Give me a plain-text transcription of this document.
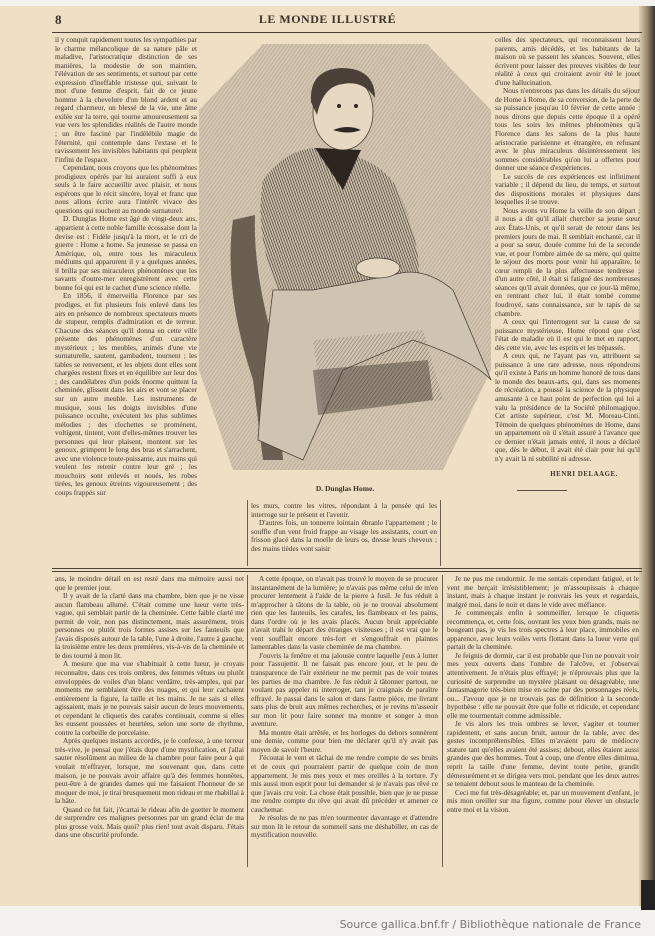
8	LE MONDE ILLUSTRÉ
D. Dunglas Home.

il y conquit rapidement toutes les sympathies par le charme mélancolique de sa nature pâle et maladive, l'aristocratique distinction de ses manières, la modestie de son maintien, l'élévation de ses sentiments, et surtout par cette expression d'ineffable tristesse qui, suivant le mot d'une femme d'esprit, fait de ce jeune homme à la chevelure d'un blond ardent et au regard charmeur, un blessé de la vie, une âme exilée sur la terre, qui tourne amoureusement sa vue vers les splendides réalités de l'autre monde ; un être fasciné par l'indélébile magie de l'éternité, qui contemple dans l'extase et le ravissement les invisibles habitants qui peuplent l'infini de l'espace.

Cependant, nous croyons que les phénomènes prodigieux opérés par lui auraient suffi à eux seuls à le faire accueillir avec plaisir, et nous espérons que le récit sincère, loyal et franc que nous allons écrire aura l'intérêt vivace des questions qui touchent au monde surnaturel.

D. Dunglas Home est âgé de vingt-deux ans, appartient à cette noble famille écossaise dont la devise est : Fidèle jusqu'à la mort, et le cri de guerre : Home a home. Sa jeunesse se passa en Amérique, où, entre tous les miraculeux médiums qui apparurent il y a quelques années, il brilla par ses miraculeux phénomènes que les savants d'outre-mer enregistrèrent avec cette bonne foi qui est le cachet d'une science réelle.

En 1856, il émerveilla Florence par ses prodiges, et fut plusieurs fois enlevé dans les airs en présence de nombreux spectateurs muets de stupeur, remplis d'admiration et de terreur. Chacune des séances qu'il donna en cette ville présente des phénomènes d'un caractère mystérieux ; les meubles, animés d'une vie surnaturelle, sautent, gambadent, tournent ; les tables se renversent, et les objets dont elles sont chargées restent fixes et en équilibre sur leur dos ; des candélabres d'un poids énorme quittent la cheminée, glissent dans les airs et vont se placer sur un autre meuble. Les instruments de musique, sous les doigts invisibles d'une puissance occulte, exécutent les plus sublimes mélodies ; des clochettes se promènent, voltigent, tintent, vont d'elles-mêmes trouver les personnes qui leur plaisent, montent sur les genoux, grimpent le long des bras et s'arrachent, avec une violence toute-puissante, aux mains qui veulent les retenir contre leur gré ; les mouchoirs sont enlevés et noués, les robes tirées, les genoux étreints vigoureusement ; des coups frappés sur

les murs, contre les vitres, répondant à la pensée qui les interroge sur le présent et l'avenir.

D'autres fois, un tonnerre lointain ébranle l'appartement ; le souffle d'un vent froid frappe au visage les assistants, court en frisson glacé dans la moelle de leurs os, dresse leurs cheveux ; des mains tièdes vont saisir

celles des spectateurs, qui reconnaissent leurs parents, amis décédés, et les habitants de la maison où se passent les séances. Souvent, elles écrivent pour laisser des preuves visibles de leur réalité à ceux qui croiraient avoir été le jouet d'une hallucination.

Nous n'entrerons pas dans les détails du séjour de Home à Rome, de sa conversion, de la perte de sa puissance jusqu'au 10 février de cette année : nous dirons que depuis cette époque il a opéré tous les soirs les mêmes phénomènes qu'à Florence dans les salons de la plus haute aristocratie parisienne et étrangère, en refusant avec le plus miraculeux désintéressement les sommes considérables qu'on lui a offertes pour donner une séance d'expériences.

Le succès de ces expériences est infiniment variable ; il dépend du lieu, du temps, et surtout des dispositions morales et physiques dans lesquelles il se trouve.

Nous avons vu Home la veille de son départ ; il nous a dit qu'il allait chercher sa jeune sœur aux États-Unis, et qu'il serait de retour dans les premiers jours de mai. Il semblait enchanté, car il a pour sa sœur, douée comme lui de la seconde vue, et pour l'ombre aimée de sa mère, qui quitte le séjour des morts pour venir lui apparaître, le cœur rempli de la plus affectueuse tendresse ; d'un autre côté, il était si fatigué des nombreuses séances qu'il avait données, que ce jour-là même, en rentrant chez lui, il était tombé comme foudroyé, sans connaissance, sur le tapis de sa chambre.

A ceux qui l'interrogent sur la cause de sa puissance mystérieuse, Home répond que c'est l'état de maladie où il est qui le met en rapport, dès cette vie, avec les esprits et les trépassés.

A ceux qui, ne l'ayant pas vu, attribuent sa puissance à une rare adresse, nous répondrons qu'il existe à Paris un homme honoré de tous dans le monde des beaux-arts, qui, dans ses moments de récréation, a poussé la science de la physique amusante à ce haut point de perfection qui lui a valu la présidence de la Société philomagique. Cet artiste supérieur, c'est M. Moreau-Cinti. Témoin de quelques phénomènes de Home, dans un appartement où il s'était assuré à l'avance que ce dernier n'était jamais entré, il nous a déclaré que, dès le début, il avait été clair pour lui qu'il n'y avait là ni subtilité ni adresse.

HENRI DELAAGE.

ans, le moindre détail en est resté dans ma mémoire aussi net que le premier jour.

Il y avait de la clarté dans ma chambre, bien que je ne visse aucun flambeau allumé. C'était comme une lueur verte très-vague, qui semblait partir de la cheminée. Cette faible clarté me permit de voir, non pas distinctement, mais assurément, trois personnes ou plutôt trois formes assises sur les fauteuils que j'avais disposés autour de la table, l'une à droite, l'autre à gauche, la troisième entre les deux premières, vis-à-vis de la cheminée et le dos tourné à mon lit.

A mesure que ma vue s'habituait à cette lueur, je croyais reconnaître, dans ces trois ombres, des femmes vêtues ou plutôt enveloppées de voiles d'un blanc verdâtre, très-amples, qui par moments me semblaient être des nuages, et qui leur cachaient entièrement la figure, la taille et les mains. Je ne sais si elles agissaient, mais je ne pouvais saisir aucun de leurs mouvements, et cependant le cliquetis des carafes continuait, comme si elles les eussent poussées et heurtées, selon une sorte de rhythme, contre la corbeille de porcelaine.

Après quelques instants accordés, je le confesse, à une terreur très-vive, je pensai que j'étais dupe d'une mystification, et j'allai sauter résolûment au milieu de la chambre pour faire peur à qui voulait m'effrayer, lorsque, me souvenant que, dans cette maison, je ne pouvais avoir affaire qu'à des femmes honnêtes, peut-être à de grandes dames qui me faisaient l'honneur de se moquer de moi, je tirai brusquement mon rideau et me rhabillai à la hâte.

Quand ce fut fait, j'écartai le rideau afin de guetter le moment de surprendre ces malignes personnes par un grand éclat de ma plus grosse voix. Mais quoi? plus rien! tout avait disparu. J'étais dans une obscurité profonde.

A cette époque, on n'avait pas trouvé le moyen de se procurer instantanément de la lumière; je n'avais pas même celui de m'en procurer lentement à l'aide de la pierre à fusil. Je fus réduit à m'approcher à tâtons de la table, où je ne trouvai absolument rien que les fauteuils, les carafes, les flambeaux et les pains, dans l'ordre où je les avais placés. Aucun bruit appréciable n'avait trahi le départ des étranges visiteuses ; il est vrai que le vent soufflait encore très-fort et s'engouffrait en plaintes lamentables dans la vaste cheminée de ma chambre.

J'ouvris la fenêtre et ma jalousie contre laquelle j'eus à lutter pour l'assujettir. Il ne faisait pas encore jour, et le peu de transparence de l'air extérieur ne me permit pas de voir toutes les parties de ma chambre. Je fus réduit à tâtonner partout, ne voulant pas appeler ni interroger, tant je craignais de paraître effrayé. Je passai dans le salon et dans l'autre pièce, me livrant sans plus de bruit aux mêmes recherches, et je revins m'asseoir sur mon lit pour faire sonner ma montre et songer à mon aventure.

Ma montre était arrêtée, et les horloges du dehors sonnèrent une demie, comme pour bien me déclarer qu'il n'y avait pas moyen de savoir l'heure.

J'écoutai le vent et tâchai de me rendre compte de ses bruits et de ceux qui pourraient partir de quelque coin de mon appartement. Je mis mes yeux et mes oreilles à la torture. J'y mis aussi mon esprit pour lui demander si je n'avais pas rêvé ce que j'avais cru voir. La chose était possible, bien que je ne pusse me rendre compte du rêve qui avait dû précéder et amener ce cauchemar.

Je résolus de ne pas m'en tourmenter davantage et d'attendre sur mon lit le retour du sommeil sans me déshabiller, en cas de mystification nouvelle.

Je ne pus me rendormir. Je me sentais cependant fatigué, et le vent me berçait irrésistiblement; je m'assoupissais à chaque instant, mais à chaque instant je rouvrais les yeux et regardais, malgré moi, dans le noir et dans le vide avec méfiance.

Je commençais enfin à sommeiller, lorsque le cliquetis recommença, et, cette fois, ouvrant les yeux bien grands, mais ne bougeant pas, je vis les trois spectres à leur place, immobiles en apparence, avec leurs voiles verts flottant dans la lueur verte qui partait de la cheminée.

Je feignis de dormir, car il est probable que l'on ne pouvait voir mes yeux ouverts dans l'ombre de l'alcôve, et j'observai attentivement. Je n'étais plus effrayé; je n'éprouvais plus que la curiosité de surprendre un mystère plaisant ou désagréable, une fantasmagorie très-bien mise en scène par des personnages réels, ou... J'avoue que je ne trouvais pas de définition à la seconde hypothèse : elle ne pouvait être que folle et ridicule, et cependant elle me tourmentait comme admissible.

Je vis alors les trois ombres se lever, s'agiter et tourner rapidement, et sans aucun bruit, autour de la table, avec des gestes incompréhensibles. Elles m'avaient paru de médiocre stature tant qu'elles avaient été assises; debout, elles étaient aussi grandes que des hommes. Tout à coup, une d'entre elles diminua, reprit la taille d'une femme, devint toute petite, grandit démesurément et se dirigea vers moi, pendant que les deux autres se tenaient debout sous le manteau de la cheminée.

Ceci me fut très-désagréable; et, par un mouvement d'enfant, je mis mon oreiller sur ma figure, comme pour élever un obstacle entre moi et la vision.

Source gallica.bnf.fr / Bibliothèque nationale de France
